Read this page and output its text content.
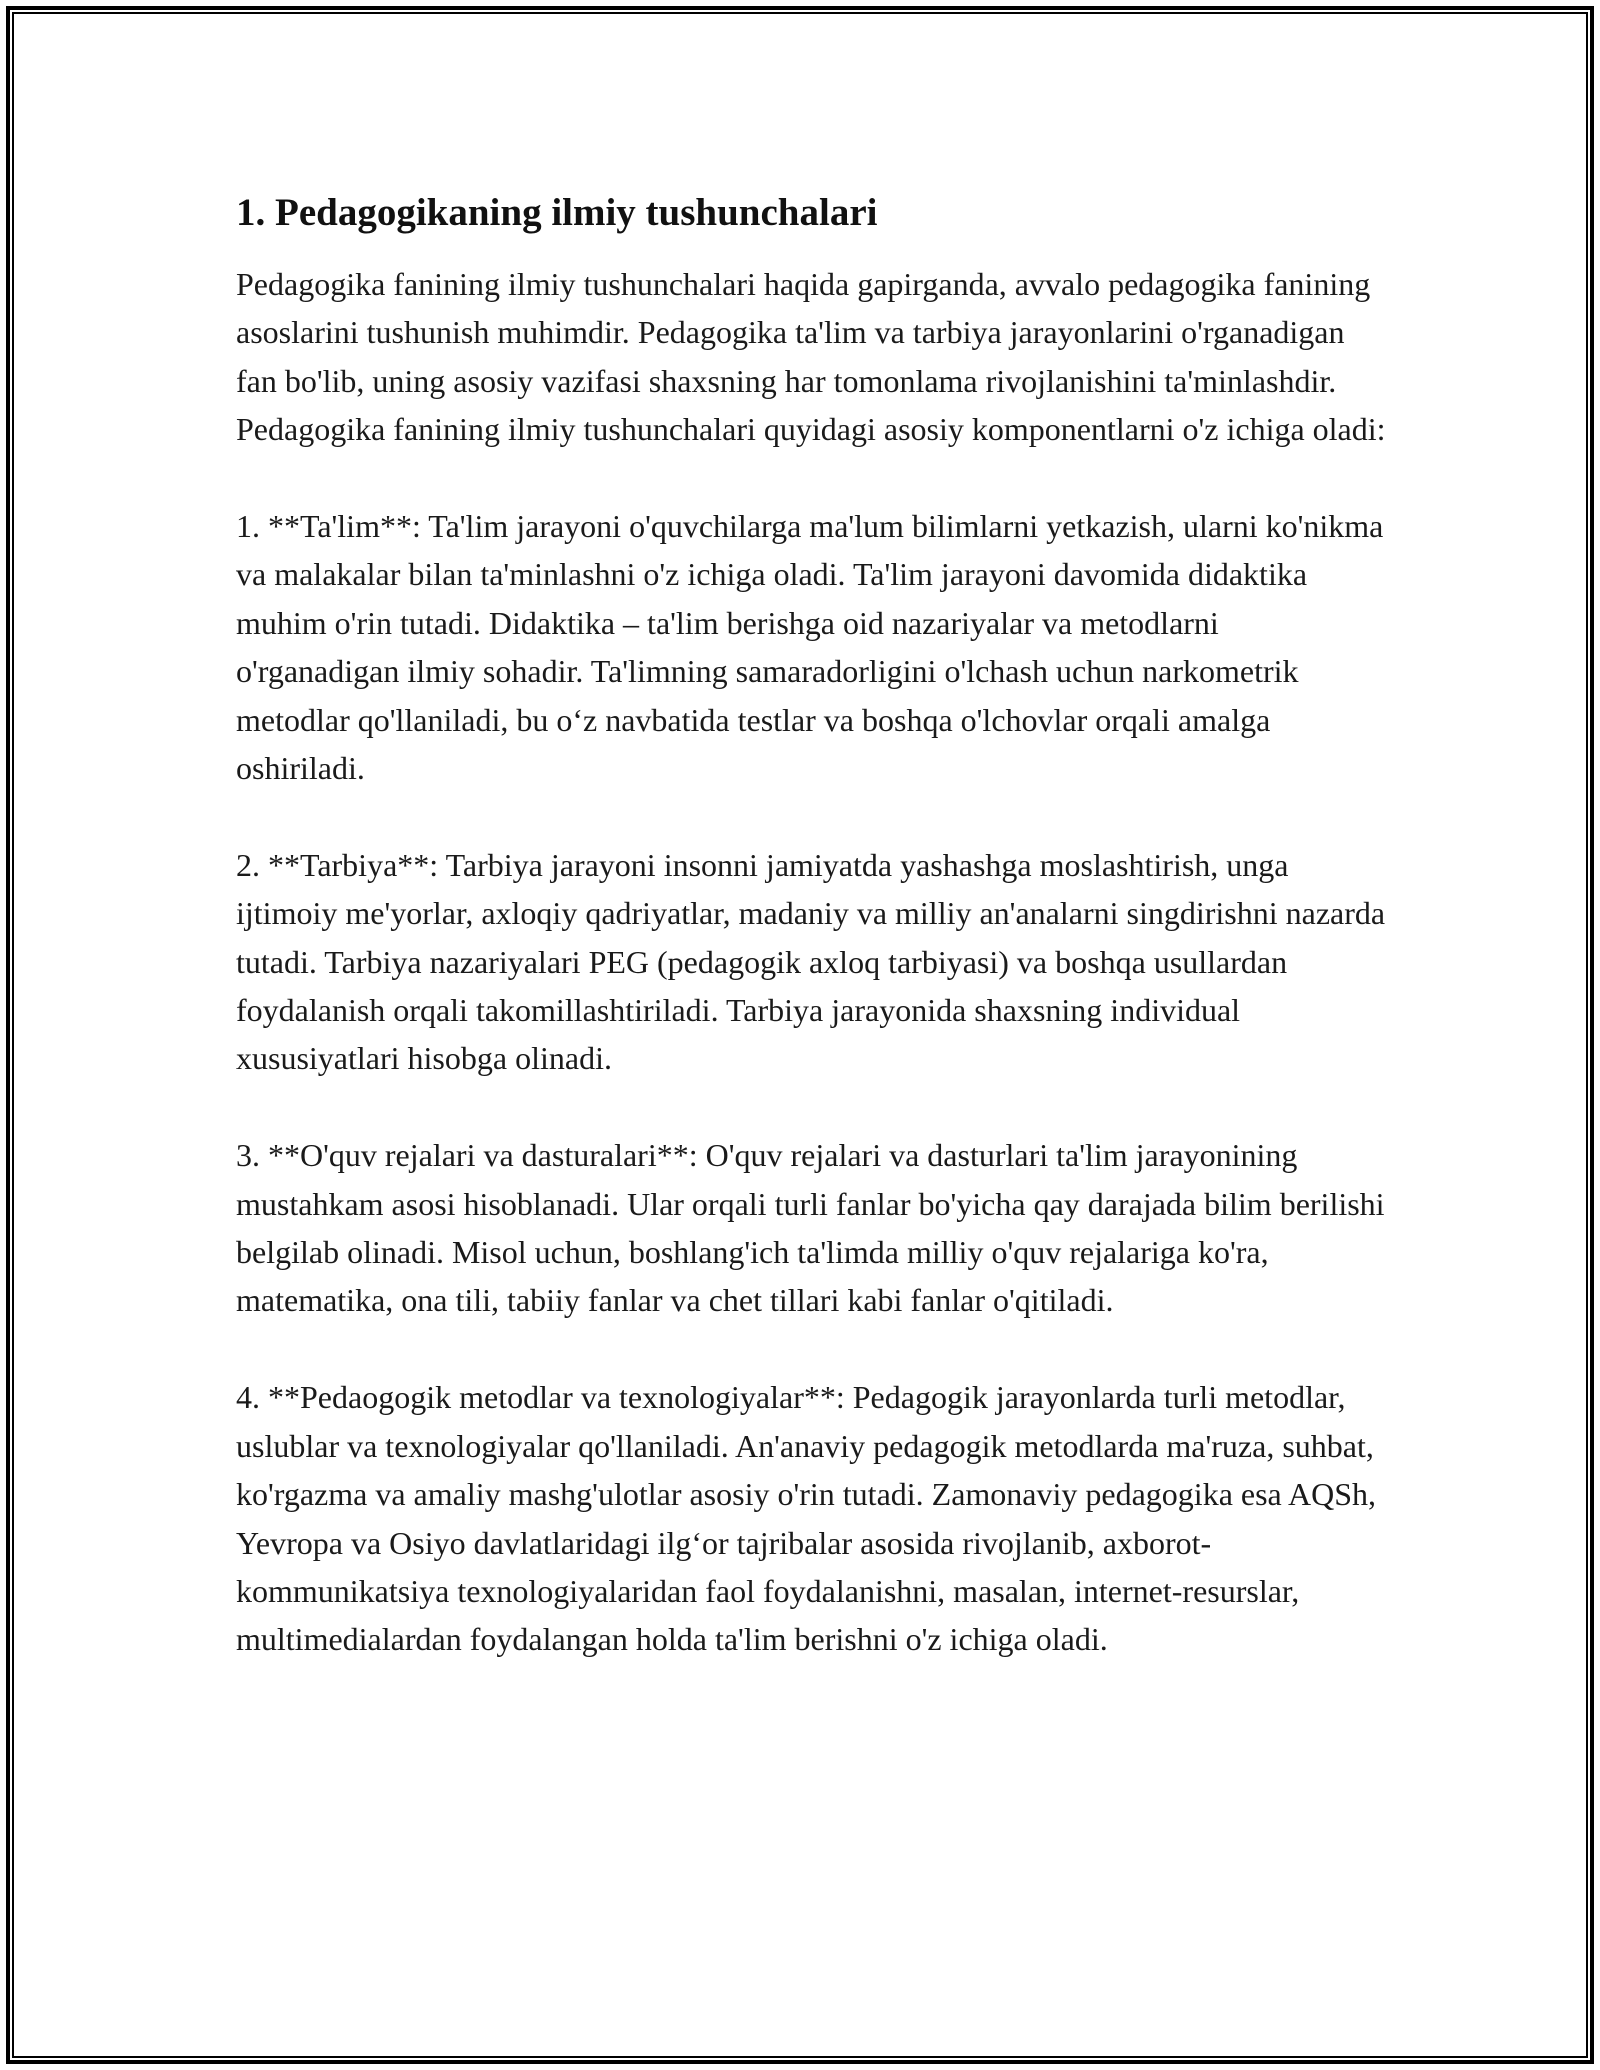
1. Pedagogikaning ilmiy tushunchalari

Pedagogika fanining ilmiy tushunchalari haqida gapirganda, avvalo pedagogika fanining asoslarini tushunish muhimdir. Pedagogika ta'lim va tarbiya jarayonlarini o'rganadigan fan bo'lib, uning asosiy vazifasi shaxsning har tomonlama rivojlanishini ta'minlashdir. Pedagogika fanining ilmiy tushunchalari quyidagi asosiy komponentlarni o'z ichiga oladi:

1. **Ta'lim**: Ta'lim jarayoni o'quvchilarga ma'lum bilimlarni yetkazish, ularni ko'nikma va malakalar bilan ta'minlashni o'z ichiga oladi. Ta'lim jarayoni davomida didaktika muhim o'rin tutadi. Didaktika – ta'lim berishga oid nazariyalar va metodlarni o'rganadigan ilmiy sohadir. Ta'limning samaradorligini o'lchash uchun narkometrik metodlar qo'llaniladi, bu o‘z navbatida testlar va boshqa o'lchovlar orqali amalga oshiriladi.

2. **Tarbiya**: Tarbiya jarayoni insonni jamiyatda yashashga moslashtirish, unga ijtimoiy me'yorlar, axloqiy qadriyatlar, madaniy va milliy an'analarni singdirishni nazarda tutadi. Tarbiya nazariyalari PEG (pedagogik axloq tarbiyasi) va boshqa usullardan foydalanish orqali takomillashtiriladi. Tarbiya jarayonida shaxsning individual xususiyatlari hisobga olinadi.

3. **O'quv rejalari va dasturalari**: O'quv rejalari va dasturlari ta'lim jarayonining mustahkam asosi hisoblanadi. Ular orqali turli fanlar bo'yicha qay darajada bilim berilishi belgilab olinadi. Misol uchun, boshlang'ich ta'limda milliy o'quv rejalariga ko'ra, matematika, ona tili, tabiiy fanlar va chet tillari kabi fanlar o'qitiladi.

4. **Pedaogogik metodlar va texnologiyalar**: Pedagogik jarayonlarda turli metodlar, uslublar va texnologiyalar qo'llaniladi. An'anaviy pedagogik metodlarda ma'ruza, suhbat, ko'rgazma va amaliy mashg'ulotlar asosiy o'rin tutadi. Zamonaviy pedagogika esa AQSh, Yevropa va Osiyo davlatlaridagi ilg‘or tajribalar asosida rivojlanib, axborot-kommunikatsiya texnologiyalaridan faol foydalanishni, masalan, internet-resurslar, multimedialardan foydalangan holda ta'lim berishni o'z ichiga oladi.
